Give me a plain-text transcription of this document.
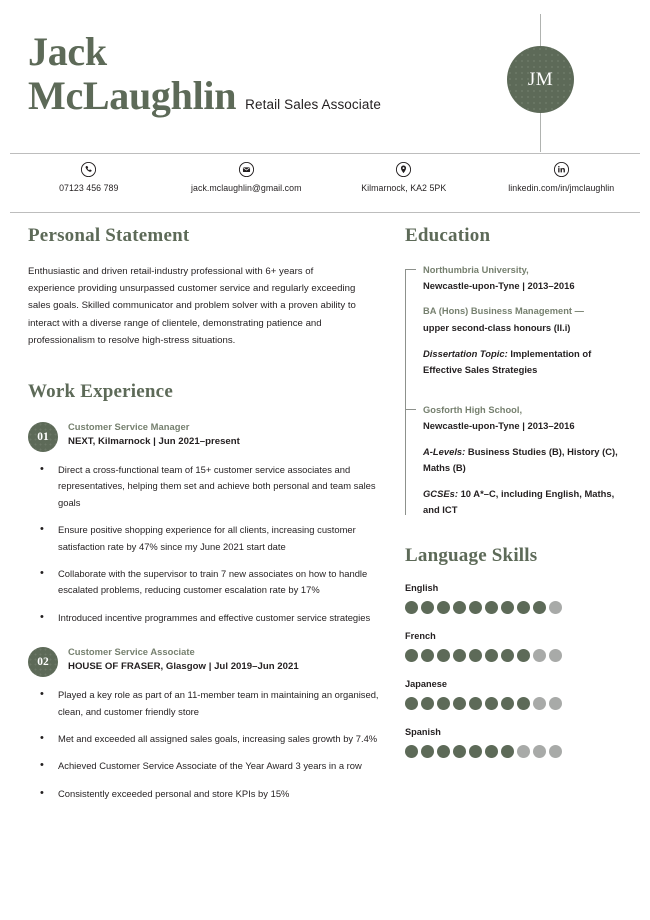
JM
Jack
McLaughlin Retail Sales Associate
07123 456 789	jack.mclaughlin@gmail.com	Kilmarnock, KA2 5PK	linkedin.com/in/jmclaughlin
Personal Statement
Enthusiastic and driven retail-industry professional with 6+ years of experience providing unsurpassed customer service and regularly exceeding sales goals. Skilled communicator and problem solver with a proven ability to interact with a diverse range of clientele, demonstrating patience and professionalism to resolve high-stress situations.
Work Experience
01
Customer Service Manager
NEXT, Kilmarnock | Jun 2021–present
• Direct a cross-functional team of 15+ customer service associates and representatives, helping them set and achieve both personal and team sales goals
• Ensure positive shopping experience for all clients, increasing customer satisfaction rate by 47% since my June 2021 start date
• Collaborate with the supervisor to train 7 new associates on how to handle escalated problems, reducing customer escalation rate by 17%
• Introduced incentive programmes and effective customer service strategies
02
Customer Service Associate
HOUSE OF FRASER, Glasgow | Jul 2019–Jun 2021
• Played a key role as part of an 11-member team in maintaining an organised, clean, and customer friendly store
• Met and exceeded all assigned sales goals, increasing sales growth by 7.4%
• Achieved Customer Service Associate of the Year Award 3 years in a row
• Consistently exceeded personal and store KPIs by 15%
Education
Northumbria University,
Newcastle-upon-Tyne | 2013–2016
BA (Hons) Business Management —
upper second-class honours (II.i)
Dissertation Topic: Implementation of Effective Sales Strategies
Gosforth High School,
Newcastle-upon-Tyne | 2013–2016
A-Levels: Business Studies (B), History (C), Maths (B)
GCSEs: 10 A*–C, including English, Maths, and ICT
Language Skills
English
French
Japanese
Spanish
